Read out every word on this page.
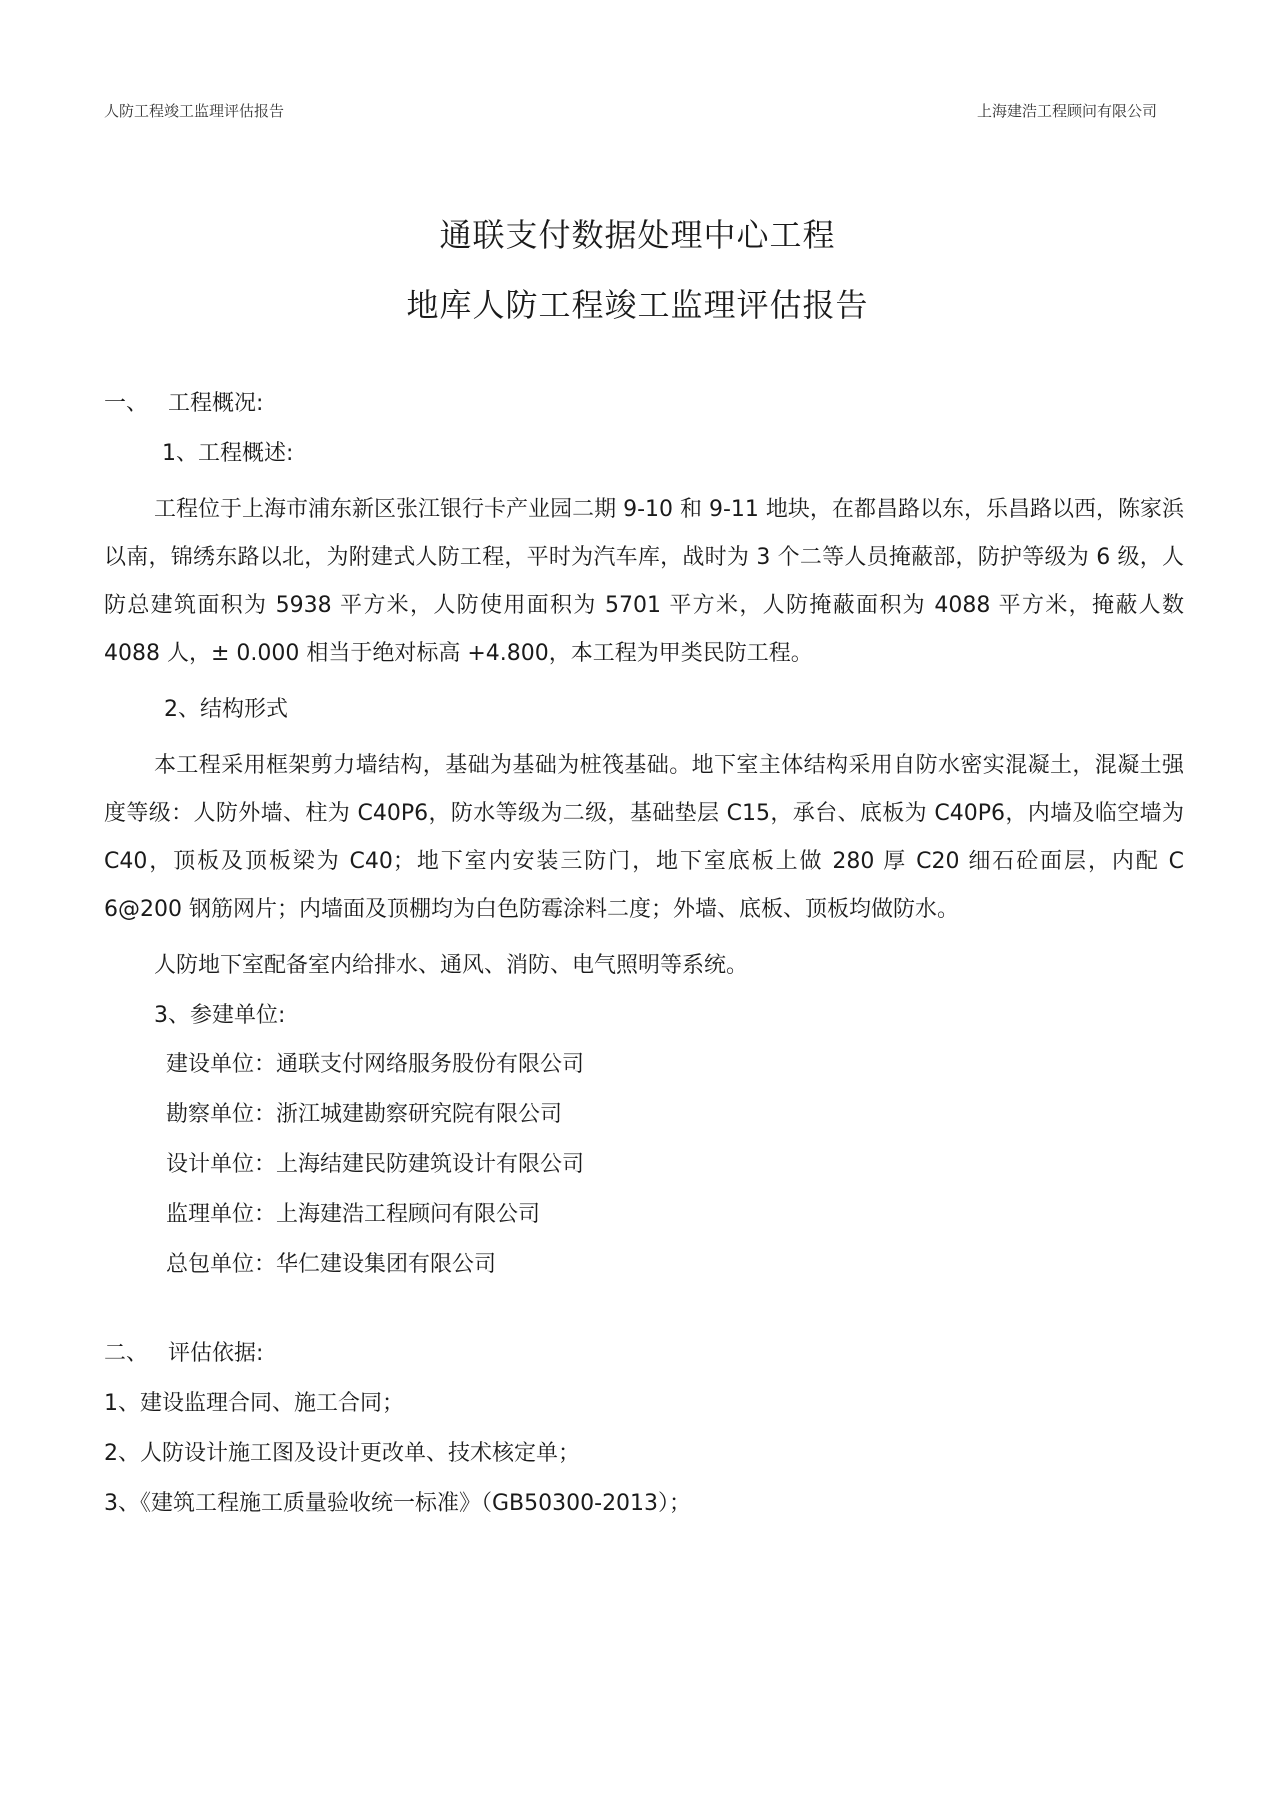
人防工程竣工监理评估报告	上海建浩工程顾问有限公司
通联支付数据处理中心工程
地库人防工程竣工监理评估报告
一、 工程概况:
1、工程概述:

工程位于上海市浦东新区张江银行卡产业园二期 9-10 和 9-11 地块，在都昌路以东，乐昌路以西，陈家浜以南，锦绣东路以北，为附建式人防工程，平时为汽车库，战时为 3 个二等人员掩蔽部，防护等级为 6 级，人防总建筑面积为 5938 平方米，人防使用面积为 5701 平方米，人防掩蔽面积为 4088 平方米，掩蔽人数 4088 人，± 0.000 相当于绝对标高 +4.800，本工程为甲类民防工程。

2、结构形式

本工程采用框架剪力墙结构，基础为基础为桩筏基础。地下室主体结构采用自防水密实混凝土，混凝土强度等级：人防外墙、柱为 C40P6，防水等级为二级，基础垫层 C15，承台、底板为 C40P6，内墙及临空墙为 C40，顶板及顶板梁为 C40；地下室内安装三防门，地下室底板上做 280 厚 C20 细石砼面层，内配 C 6@200 钢筋网片；内墙面及顶棚均为白色防霉涂料二度；外墙、底板、顶板均做防水。

人防地下室配备室内给排水、通风、消防、电气照明等系统。

3、参建单位:
建设单位：通联支付网络服务股份有限公司
勘察单位：浙江城建勘察研究院有限公司
设计单位：上海结建民防建筑设计有限公司
监理单位：上海建浩工程顾问有限公司
总包单位：华仁建设集团有限公司
二、 评估依据:
1、建设监理合同、施工合同；
2、人防设计施工图及设计更改单、技术核定单；
3、《建筑工程施工质量验收统一标准》（GB50300-2013）；
